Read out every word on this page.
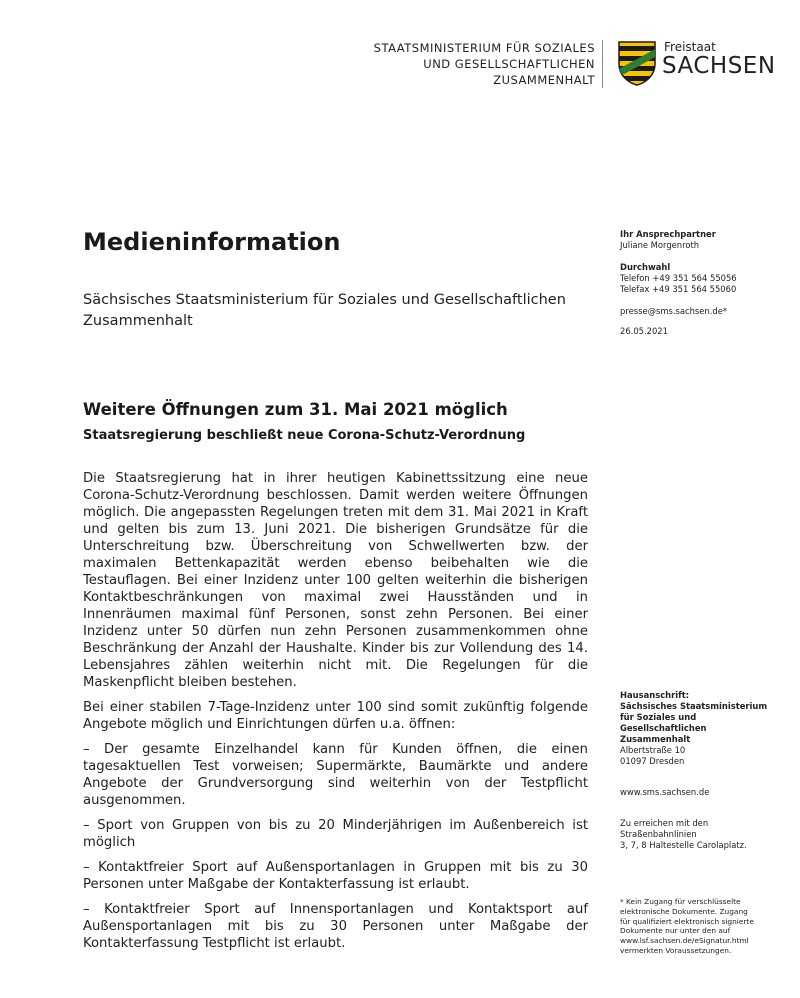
STAATSMINISTERIUM FÜR SOZIALES
UND GESELLSCHAFTLICHEN
ZUSAMMENHALT
Freistaat
SACHSEN
Medieninformation
Sächsisches Staatsministerium für Soziales und Gesellschaftlichen Zusammenhalt
Weitere Öffnungen zum 31. Mai 2021 möglich
Staatsregierung beschließt neue Corona-Schutz-Verordnung

Die Staatsregierung hat in ihrer heutigen Kabinettssitzung eine neue Corona-Schutz-Verordnung beschlossen. Damit werden weitere Öffnungen möglich. Die angepassten Regelungen treten mit dem 31. Mai 2021 in Kraft und gelten bis zum 13. Juni 2021. Die bisherigen Grundsätze für die Unterschreitung bzw. Überschreitung von Schwellwerten bzw. der maximalen Bettenkapazität werden ebenso beibehalten wie die Testauflagen. Bei einer Inzidenz unter 100 gelten weiterhin die bisherigen Kontaktbeschränkungen von maximal zwei Hausständen und in Innenräumen maximal fünf Personen, sonst zehn Personen. Bei einer Inzidenz unter 50 dürfen nun zehn Personen zusammenkommen ohne Beschränkung der Anzahl der Haushalte. Kinder bis zur Vollendung des 14. Lebensjahres zählen weiterhin nicht mit. Die Regelungen für die Maskenpflicht bleiben bestehen.

Bei einer stabilen 7-Tage-Inzidenz unter 100 sind somit zukünftig folgende Angebote möglich und Einrichtungen dürfen u.a. öffnen:

– Der gesamte Einzelhandel kann für Kunden öffnen, die einen tagesaktuellen Test vorweisen; Supermärkte, Baumärkte und andere Angebote der Grundversorgung sind weiterhin von der Testpflicht ausgenommen.

– Sport von Gruppen von bis zu 20 Minderjährigen im Außenbereich ist möglich

– Kontaktfreier Sport auf Außensportanlagen in Gruppen mit bis zu 30 Personen unter Maßgabe der Kontakterfassung ist erlaubt.

– Kontaktfreier Sport auf Innensportanlagen und Kontaktsport auf Außensportanlagen mit bis zu 30 Personen unter Maßgabe der Kontakterfassung Testpflicht ist erlaubt.

Ihr Ansprechpartner

Juliane Morgenroth

Durchwahl

Telefon +49 351 564 55056

Telefax +49 351 564 55060

presse@sms.sachsen.de*

26.05.2021

Hausanschrift:

Sächsisches Staatsministerium

für Soziales und

Gesellschaftlichen

Zusammenhalt

Albertstraße 10

01097 Dresden

www.sms.sachsen.de

Zu erreichen mit den

Straßenbahnlinien

3, 7, 8 Haltestelle Carolaplatz.

* Kein Zugang für verschlüsselte

elektronische Dokumente. Zugang

für qualifiziert elektronisch signierte

Dokumente nur unter den auf

www.lsf.sachsen.de/eSignatur.html

vermerkten Voraussetzungen.
